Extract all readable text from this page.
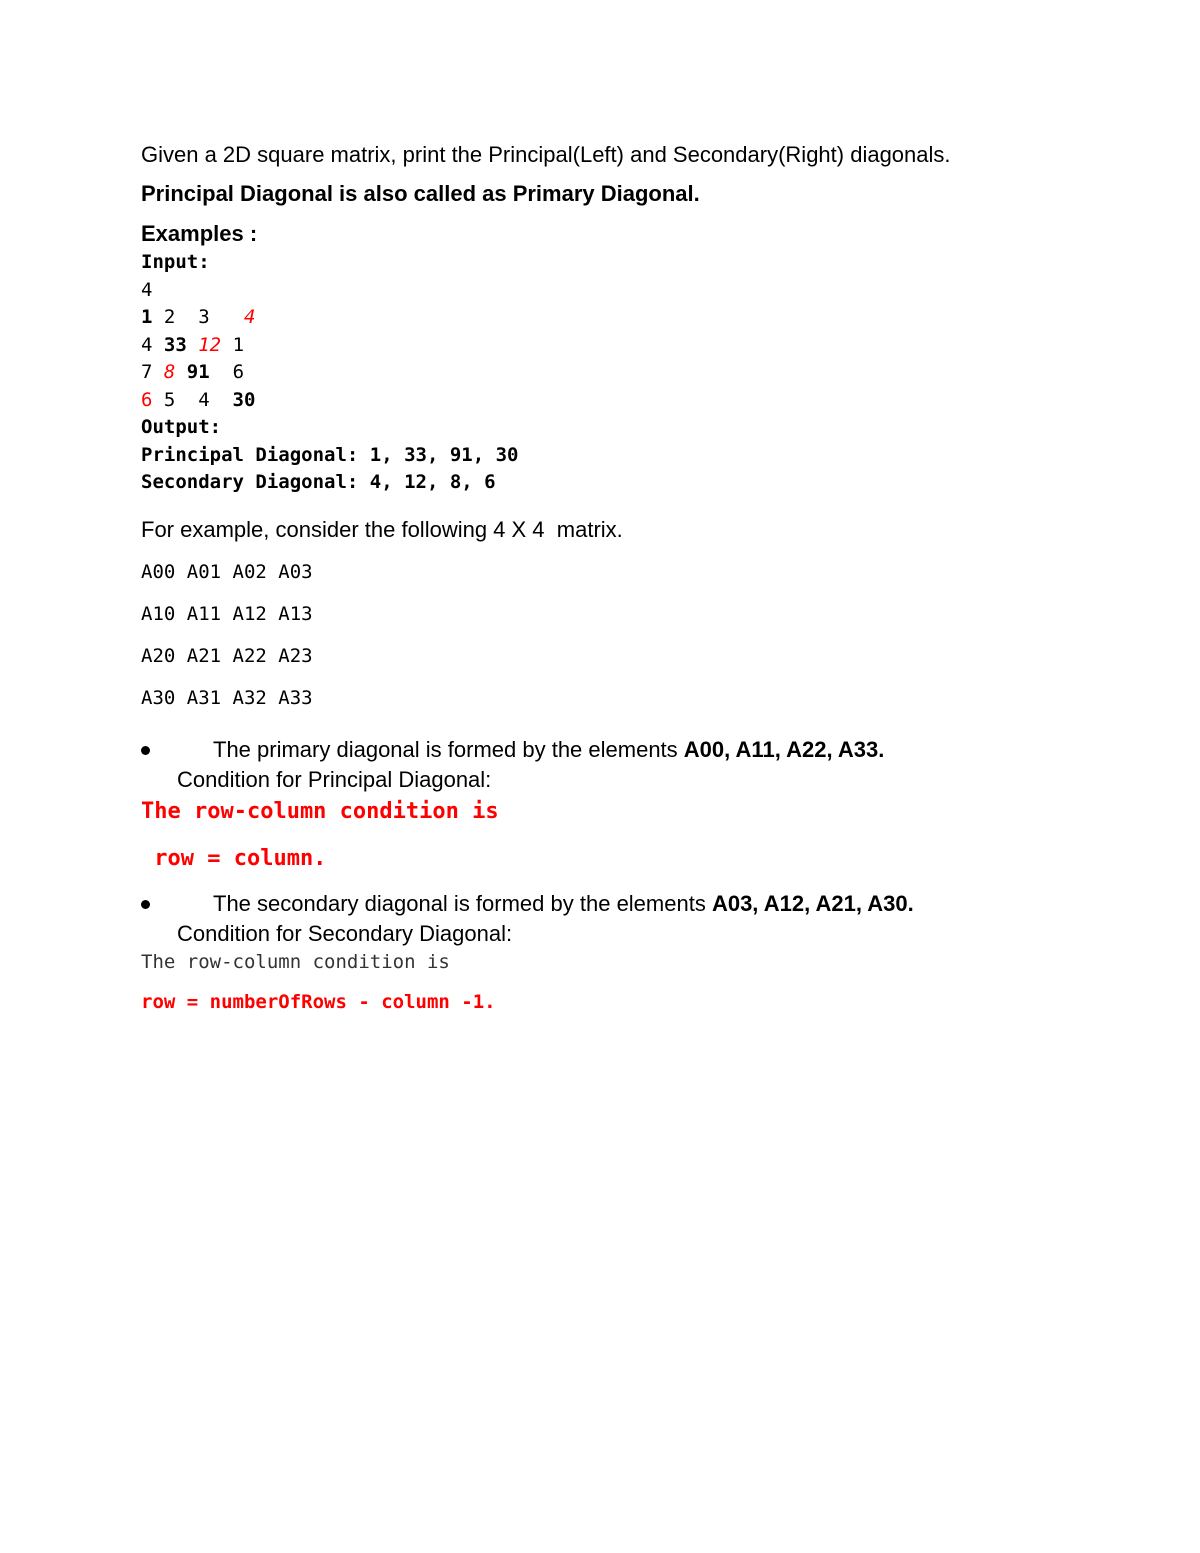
Given a 2D square matrix, print the Principal(Left) and Secondary(Right) diagonals.

Principal Diagonal is also called as Primary Diagonal.

Examples :

Input:
4
1 2  3   4
4 33 12 1
7 8 91  6
6 5  4  30
Output:
Principal Diagonal: 1, 33, 91, 30
Secondary Diagonal: 4, 12, 8, 6
For example, consider the following 4 X 4  matrix.
A00 A01 A02 A03
A10 A11 A12 A13
A20 A21 A22 A23
A30 A31 A32 A33
The primary diagonal is formed by the elements A00, A11, A22, A33.
Condition for Principal Diagonal:
The row-column condition is
row = column.
The secondary diagonal is formed by the elements A03, A12, A21, A30.
Condition for Secondary Diagonal:
The row-column condition is
row = numberOfRows - column -1.
